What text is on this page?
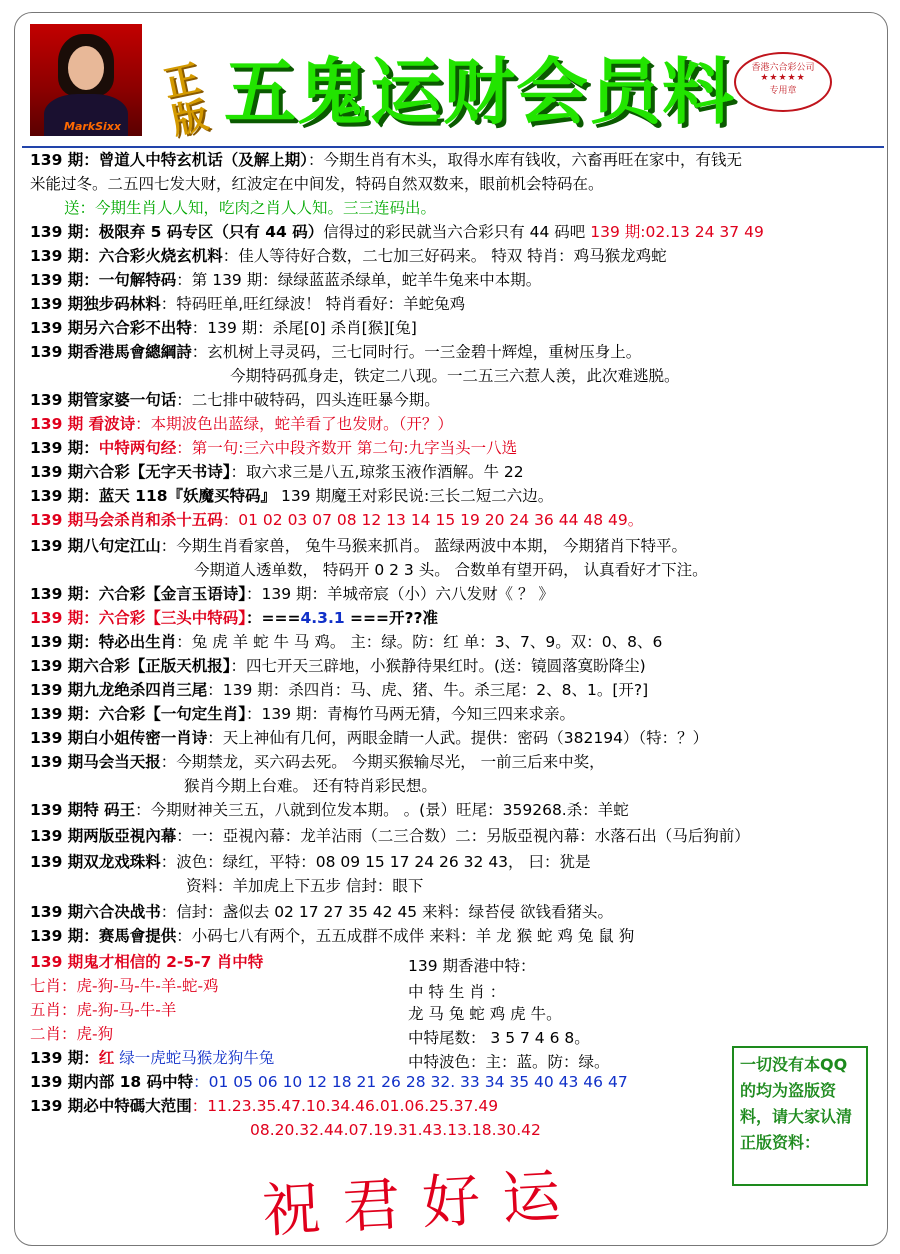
MarkSixx
正版 五鬼运财会员料	香港六合彩公司
★★★★★
专用章
139 期：曾道人中特玄机话（及解上期）：今期生肖有木头，取得水库有钱收，六畜再旺在家中，有钱无
米能过冬。二五四七发大财，红波定在中间发，特码自然双数来，眼前机会特码在。
送：今期生肖人人知，吃肉之肖人人知。三三连码出。
139 期：极限弃 5 码专区（只有 44 码）信得过的彩民就当六合彩只有 44 码吧 139 期:02.13 24 37 49
139 期：六合彩火烧玄机料：佳人等待好合数，二七加三好码来。 特双 特肖：鸡马猴龙鸡蛇
139 期：一句解特码：第 139 期：绿绿蓝蓝杀绿单，蛇羊牛兔来中本期。
139 期独步码林料：特码旺单,旺红绿波！ 特肖看好：羊蛇兔鸡
139 期另六合彩不出特：139 期：杀尾[0] 杀肖[猴][兔]
139 期香港馬會總綱詩：玄机树上寻灵码，三七同时行。一三金碧十辉煌，重树压身上。
今期特码孤身走，铁定二八现。一二五三六惹人羡，此次难逃脱。
139 期管家婆一句话：二七排中破特码，四头连旺暴今期。
139 期 看波诗：本期波色出蓝绿，蛇羊看了也发财。（开？）
139 期：中特两句经：第一句:三六中段齐数开 第二句:九字当头一八选
139 期六合彩【无字天书诗】：取六求三是八五,琼浆玉液作酒解。牛 22
139 期：蓝天 118『妖魔买特码』 139 期魔王对彩民说:三长二短二六边。
139 期马会杀肖和杀十五码：01 02 03 07 08 12 13 14 15 19 20 24 36 44 48 49。
139 期八句定江山：今期生肖看家兽， 兔牛马猴来抓肖。 蓝绿两波中本期， 今期猪肖下特平。
今期道人透单数， 特码开 0 2 3 头。 合数单有望开码， 认真看好才下注。
139 期：六合彩【金言玉语诗】：139 期：羊城帝宸（小）六八发财《 ？ 》
139 期：六合彩【三头中特码】：===4.3.1 ===开??准
139 期：特必出生肖：兔 虎 羊 蛇 牛 马 鸡。 主：绿。防：红 单：3、7、9。双：0、8、6
139 期六合彩【正版天机报】：四七开天三辟地，小猴静待果红时。(送：镜圆落寞盼降尘)
139 期九龙绝杀四肖三尾：139 期：杀四肖：马、虎、猪、牛。杀三尾：2、8、1。[开?]
139 期：六合彩【一句定生肖】：139 期：青梅竹马两无猜，今知三四来求亲。
139 期白小姐传密一肖诗：天上神仙有几何，两眼金睛一人武。提供：密码（382194）（特：？）
139 期马会当天报：今期禁龙，买六码去死。 今期买猴输尽光， 一前三后来中奖，
猴肖今期上台难。 还有特肖彩民想。
139 期特 码王：今期财神关三五，八就到位发本期。 。(景）旺尾：359268.杀：羊蛇
139 期两版亞視內幕：一：亞視內幕：龙羊沾雨（二三合数）二：另版亞視內幕：水落石出（马后狗前）
139 期双龙戏珠料：波色：绿红，平特：08 09 15 17 24 26 32 43， 曰：犹是
资料：羊加虎上下五步 信封：眼下
139 期六合决战书：信封：盏似去 02 17 27 35 42 45 来料：绿苔侵 欲钱看猪头。
139 期：赛馬會提供：小码七八有两个，五五成群不成伴 来料：羊 龙 猴 蛇 鸡 兔 鼠 狗
139 期鬼才相信的 2-5-7 肖中特
七肖：虎-狗-马-牛-羊-蛇-鸡
五肖：虎-狗-马-牛-羊
二肖：虎-狗
139 期：红 绿一虎蛇马猴龙狗牛兔
139 期内部 18 码中特：01 05 06 10 12 18 21 26 28 32. 33 34 35 40 43 46 47
139 期必中特碼大范围：11.23.35.47.10.34.46.01.06.25.37.49
08.20.32.44.07.19.31.43.13.18.30.42
139 期香港中特：
中 特 生 肖 ：
龙 马 兔 蛇 鸡 虎 牛。
中特尾数： 3 5 7 4 6 8。
中特波色：主：蓝。防：绿。	一切没有本QQ 的均为盗版资料，请大家认清正版资料：
祝君好运
